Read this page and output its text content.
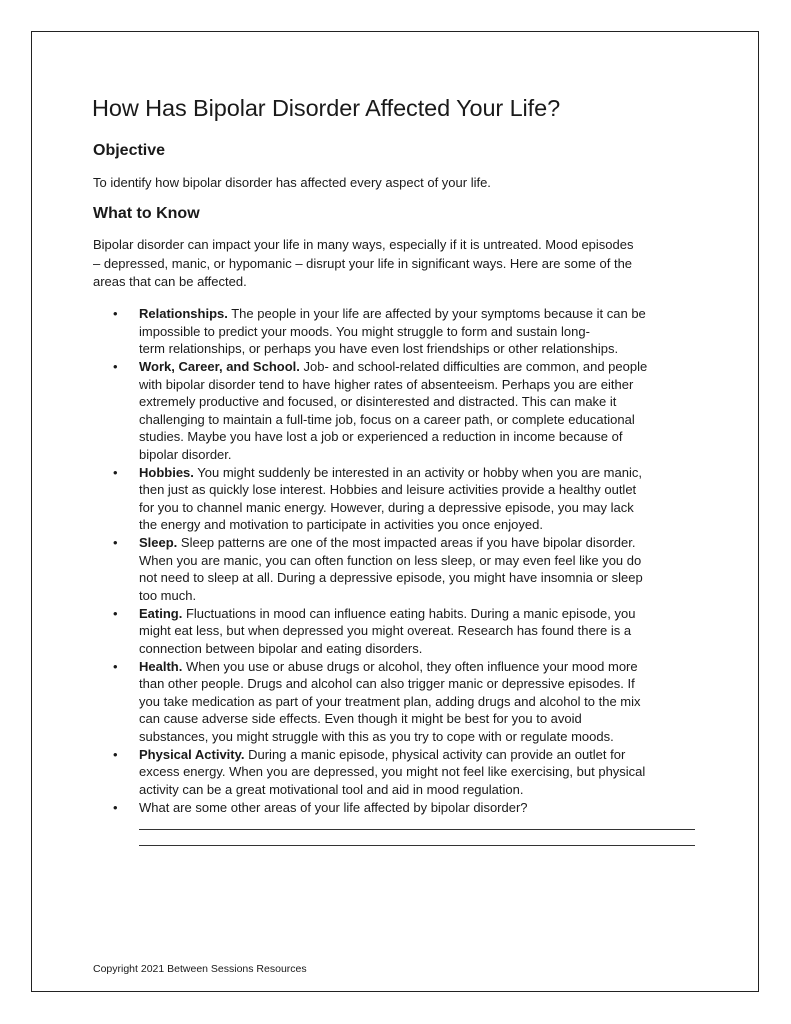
How Has Bipolar Disorder Affected Your Life?
Objective

To identify how bipolar disorder has affected every aspect of your life.

What to Know

Bipolar disorder can impact your life in many ways, especially if it is untreated. Mood episodes
– depressed, manic, or hypomanic – disrupt your life in significant ways. Here are some of the
areas that can be affected.

• Relationships. The people in your life are affected by your symptoms because it can be
impossible to predict your moods. You might struggle to form and sustain long-
term relationships, or perhaps you have even lost friendships or other relationships.
• Work, Career, and School. Job- and school-related difficulties are common, and people
with bipolar disorder tend to have higher rates of absenteeism. Perhaps you are either
extremely productive and focused, or disinterested and distracted. This can make it
challenging to maintain a full-time job, focus on a career path, or complete educational
studies. Maybe you have lost a job or experienced a reduction in income because of
bipolar disorder.
• Hobbies. You might suddenly be interested in an activity or hobby when you are manic,
then just as quickly lose interest. Hobbies and leisure activities provide a healthy outlet
for you to channel manic energy. However, during a depressive episode, you may lack
the energy and motivation to participate in activities you once enjoyed.
• Sleep. Sleep patterns are one of the most impacted areas if you have bipolar disorder.
When you are manic, you can often function on less sleep, or may even feel like you do
not need to sleep at all. During a depressive episode, you might have insomnia or sleep
too much.
• Eating. Fluctuations in mood can influence eating habits. During a manic episode, you
might eat less, but when depressed you might overeat. Research has found there is a
connection between bipolar and eating disorders.
• Health. When you use or abuse drugs or alcohol, they often influence your mood more
than other people. Drugs and alcohol can also trigger manic or depressive episodes. If
you take medication as part of your treatment plan, adding drugs and alcohol to the mix
can cause adverse side effects. Even though it might be best for you to avoid
substances, you might struggle with this as you try to cope with or regulate moods.
• Physical Activity. During a manic episode, physical activity can provide an outlet for
excess energy. When you are depressed, you might not feel like exercising, but physical
activity can be a great motivational tool and aid in mood regulation.
• What are some other areas of your life affected by bipolar disorder?

Copyright 2021 Between Sessions Resources
